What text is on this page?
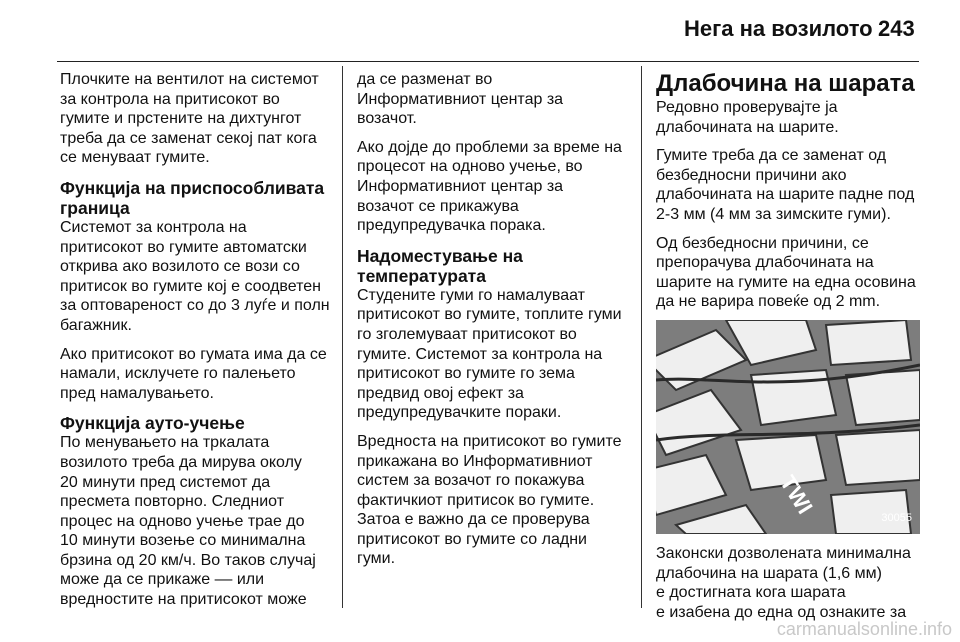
Нега на возилото 243

Плочките на вентилот на системот
за контрола на притисокот во
гумите и прстените на дихтунгот
треба да се заменат секој пат кога
се менуваат гумите.

Функција на приспособливата граница

Системот за контрола на
притисокот во гумите автоматски
открива ако возилото се вози со
притисок во гумите кој е соодветен
за оптовареност со до 3 луѓе и полн
багажник.

Ако притисокот во гумата има да се
намали, исклучете го палењето
пред намалувањето.

Функција ауто-учење

По менувањето на тркалата
возилото треба да мирува околу
20 минути пред системот да
пресмета повторно. Следниот
процес на одново учење трае до
10 минути возење со минимална
брзина од 20 км/ч. Во таков случај
може да се прикаже –– или
вредностите на притисокот може

да се разменат во
Информативниот центар за
возачот.

Ако дојде до проблеми за време на
процесот на одново учење, во
Информативниот центар за
возачот се прикажува
предупредувачка порака.

Надоместување на температурата

Студените гуми го намалуваат
притисокот во гумите, топлите гуми
го зголемуваат притисокот во
гумите. Системот за контрола на
притисокот во гумите го зема
предвид овој ефект за
предупредувачките пораки.

Вредноста на притисокот во гумите
прикажана во Информативниот
систем за возачот го покажува
фактичкиот притисок во гумите.
Затоа е важно да се проверува
притисокот во гумите со ладни
гуми.

Длабочина на шарата

Редовно проверувајте ја
длабочината на шарите.

Гумите треба да се заменат од
безбедносни причини ако
длабочината на шарите падне под
2-3 мм (4 мм за зимските гуми).

Од безбедносни причини, се
препорачува длабочината на
шарите на гумите на една осовина
да не варира повеќе од 2 mm.

TWI
30055

Законски дозволената минимална
длабочина на шарата (1,6 мм)
е достигната кога шарата
е изабена до една од ознаките за

carmanualsonline.info
